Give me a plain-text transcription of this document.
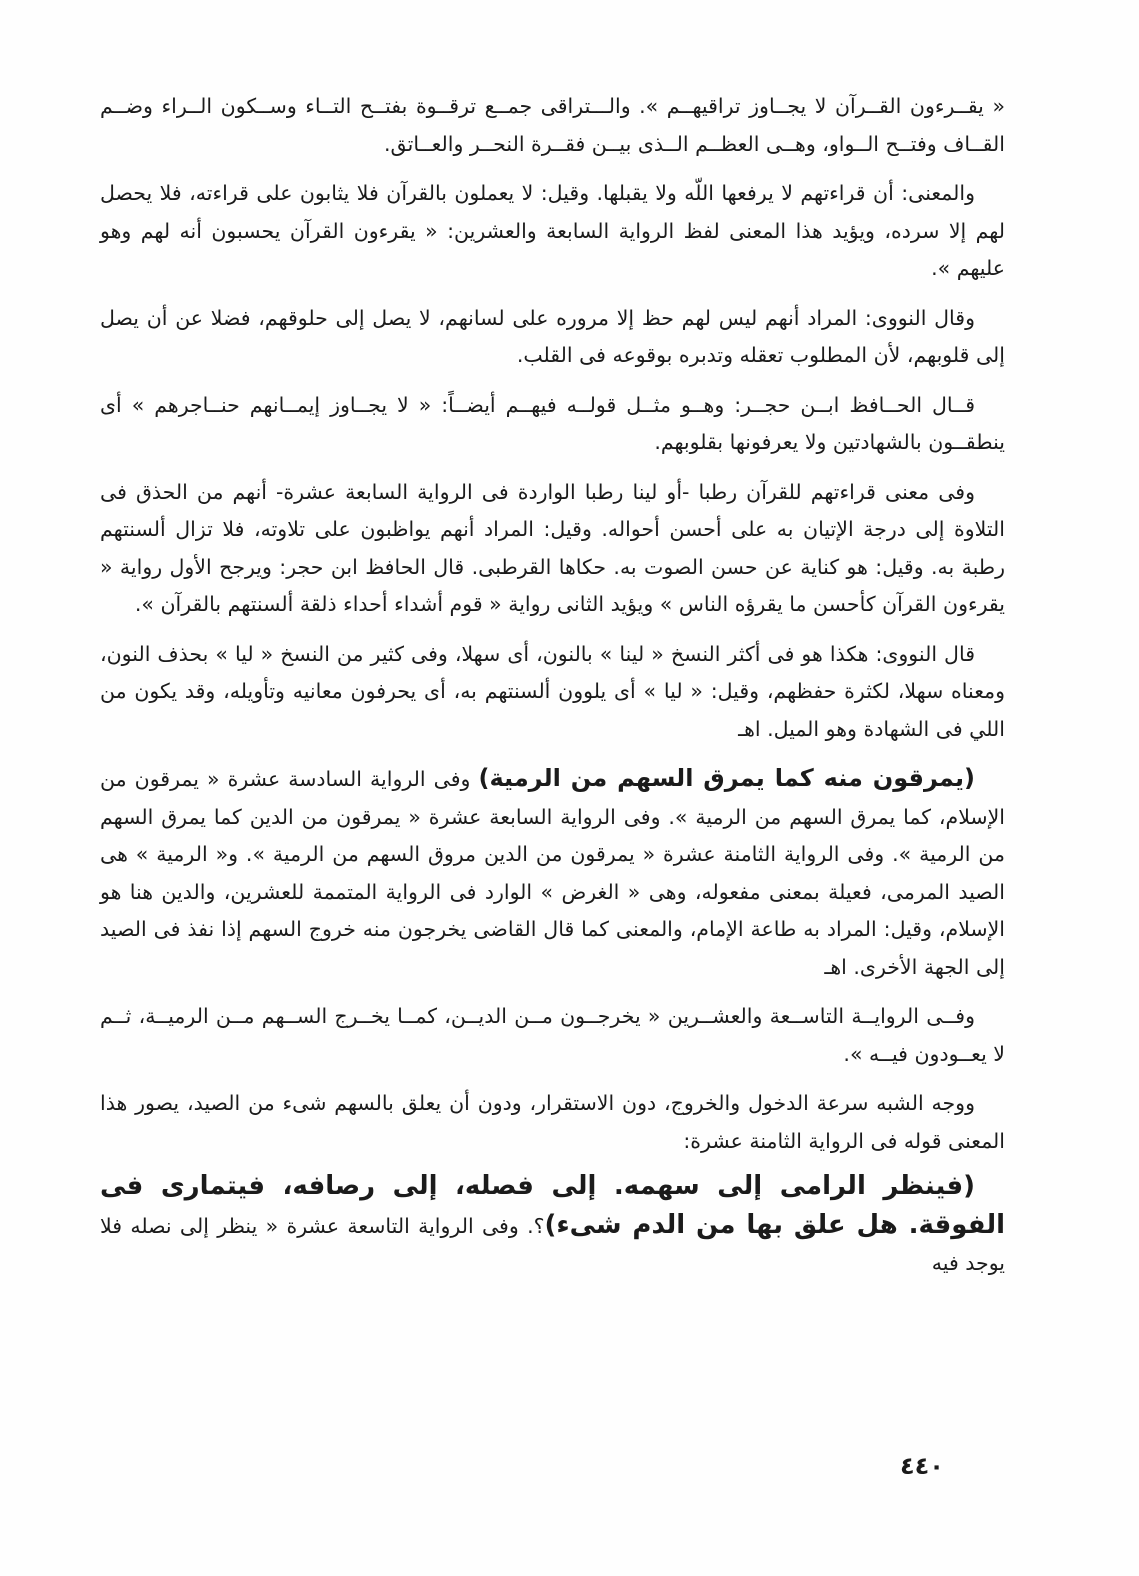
« يقــرءون القــرآن لا يجــاوز تراقيهــم ». والـــتراقى جمــع ترقــوة بفتــح التــاء وســكون الــراء وضــم القــاف وفتــح الــواو، وهــى العظــم الــذى بيــن فقــرة النحــر والعــاتق.

والمعنى: أن قراءتهم لا يرفعها اللّه ولا يقبلها. وقيل: لا يعملون بالقرآن فلا يثابون على قراءته، فلا يحصل لهم إلا سرده، ويؤيد هذا المعنى لفظ الرواية السابعة والعشرين: « يقرءون القرآن يحسبون أنه لهم وهو عليهم ».

وقال النووى: المراد أنهم ليس لهم حظ إلا مروره على لسانهم، لا يصل إلى حلوقهم، فضلا عن أن يصل إلى قلوبهم، لأن المطلوب تعقله وتدبره بوقوعه فى القلب.

قــال الحــافظ ابــن حجــر: وهــو مثــل قولــه فيهــم أيضــاً: « لا يجــاوز إيمــانهم حنــاجرهم » أى ينطقــون بالشهادتين ولا يعرفونها بقلوبهم.

وفى معنى قراءتهم للقرآن رطبا -أو لينا رطبا الواردة فى الرواية السابعة عشرة- أنهم من الحذق فى التلاوة إلى درجة الإتيان به على أحسن أحواله. وقيل: المراد أنهم يواظبون على تلاوته، فلا تزال ألسنتهم رطبة به. وقيل: هو كناية عن حسن الصوت به. حكاها القرطبى. قال الحافظ ابن حجر: ويرجح الأول رواية « يقرءون القرآن كأحسن ما يقرؤه الناس » ويؤيد الثانى رواية « قوم أشداء أحداء ذلقة ألسنتهم بالقرآن ».

قال النووى: هكذا هو فى أكثر النسخ « لينا » بالنون، أى سهلا، وفى كثير من النسخ « ليا » بحذف النون، ومعناه سهلا، لكثرة حفظهم، وقيل: « ليا » أى يلوون ألسنتهم به، أى يحرفون معانيه وتأويله، وقد يكون من اللي فى الشهادة وهو الميل. اهـ

(يمرقون منه كما يمرق السهم من الرمية) وفى الرواية السادسة عشرة « يمرقون من الإسلام، كما يمرق السهم من الرمية ». وفى الرواية السابعة عشرة « يمرقون من الدين كما يمرق السهم من الرمية ». وفى الرواية الثامنة عشرة « يمرقون من الدين مروق السهم من الرمية ». و« الرمية » هى الصيد المرمى، فعيلة بمعنى مفعوله، وهى « الغرض » الوارد فى الرواية المتممة للعشرين، والدين هنا هو الإسلام، وقيل: المراد به طاعة الإمام، والمعنى كما قال القاضى يخرجون منه خروج السهم إذا نفذ فى الصيد إلى الجهة الأخرى. اهـ

وفــى الروايــة التاســعة والعشــرين « يخرجــون مــن الديــن، كمــا يخــرج الســهم مــن الرميــة، ثــم لا يعــودون فيــه ».

ووجه الشبه سرعة الدخول والخروج، دون الاستقرار، ودون أن يعلق بالسهم شىء من الصيد، يصور هذا المعنى قوله فى الرواية الثامنة عشرة:

(فينظر الرامى إلى سهمه. إلى فصله، إلى رصافه، فيتمارى فى الفوقة. هل علق بها من الدم شىء)؟. وفى الرواية التاسعة عشرة « ينظر إلى نصله فلا يوجد فيه

٤٤٠
